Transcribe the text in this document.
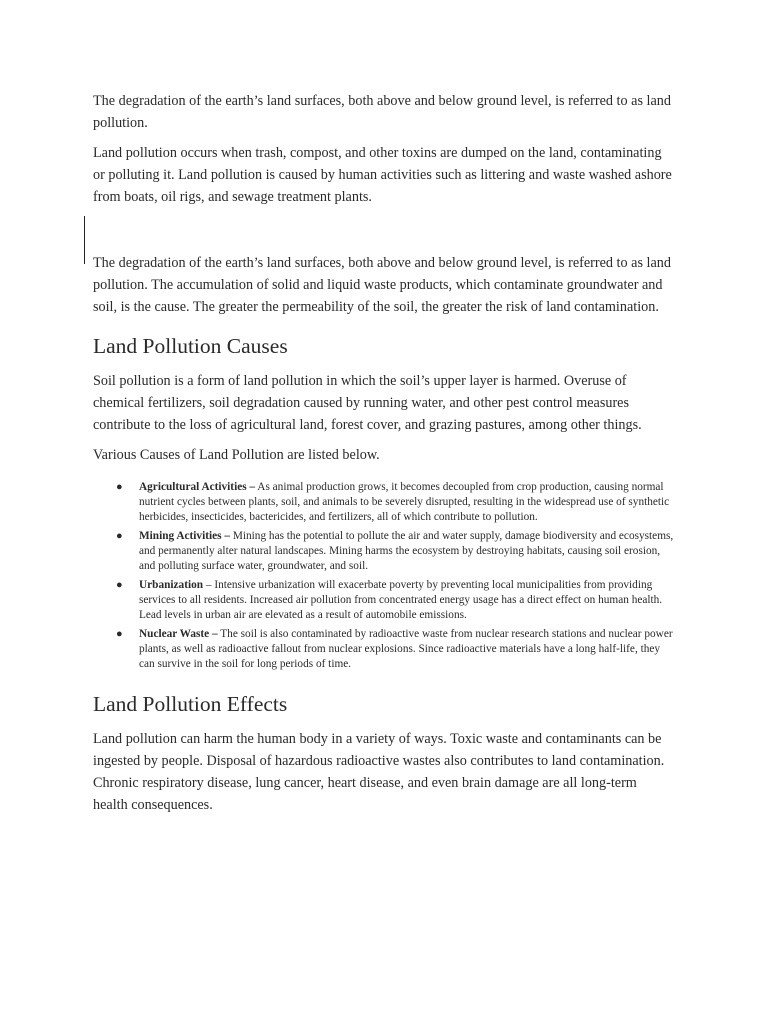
The degradation of the earth’s land surfaces, both above and below ground level, is referred to as land pollution.

Land pollution occurs when trash, compost, and other toxins are dumped on the land, contaminating or polluting it. Land pollution is caused by human activities such as littering and waste washed ashore from boats, oil rigs, and sewage treatment plants.

The degradation of the earth’s land surfaces, both above and below ground level, is referred to as land pollution. The accumulation of solid and liquid waste products, which contaminate groundwater and soil, is the cause. The greater the permeability of the soil, the greater the risk of land contamination.

Land Pollution Causes

Soil pollution is a form of land pollution in which the soil’s upper layer is harmed. Overuse of chemical fertilizers, soil degradation caused by running water, and other pest control measures contribute to the loss of agricultural land, forest cover, and grazing pastures, among other things.

Various Causes of Land Pollution are listed below.

● Agricultural Activities – As animal production grows, it becomes decoupled from crop production, causing normal nutrient cycles between plants, soil, and animals to be severely disrupted, resulting in the widespread use of synthetic herbicides, insecticides, bactericides, and fertilizers, all of which contribute to pollution.
● Mining Activities – Mining has the potential to pollute the air and water supply, damage biodiversity and ecosystems, and permanently alter natural landscapes. Mining harms the ecosystem by destroying habitats, causing soil erosion, and polluting surface water, groundwater, and soil.
● Urbanization – Intensive urbanization will exacerbate poverty by preventing local municipalities from providing services to all residents. Increased air pollution from concentrated energy usage has a direct effect on human health. Lead levels in urban air are elevated as a result of automobile emissions.
● Nuclear Waste – The soil is also contaminated by radioactive waste from nuclear research stations and nuclear power plants, as well as radioactive fallout from nuclear explosions. Since radioactive materials have a long half-life, they can survive in the soil for long periods of time.
Land Pollution Effects

Land pollution can harm the human body in a variety of ways. Toxic waste and contaminants can be ingested by people. Disposal of hazardous radioactive wastes also contributes to land contamination. Chronic respiratory disease, lung cancer, heart disease, and even brain damage are all long-term health consequences.
